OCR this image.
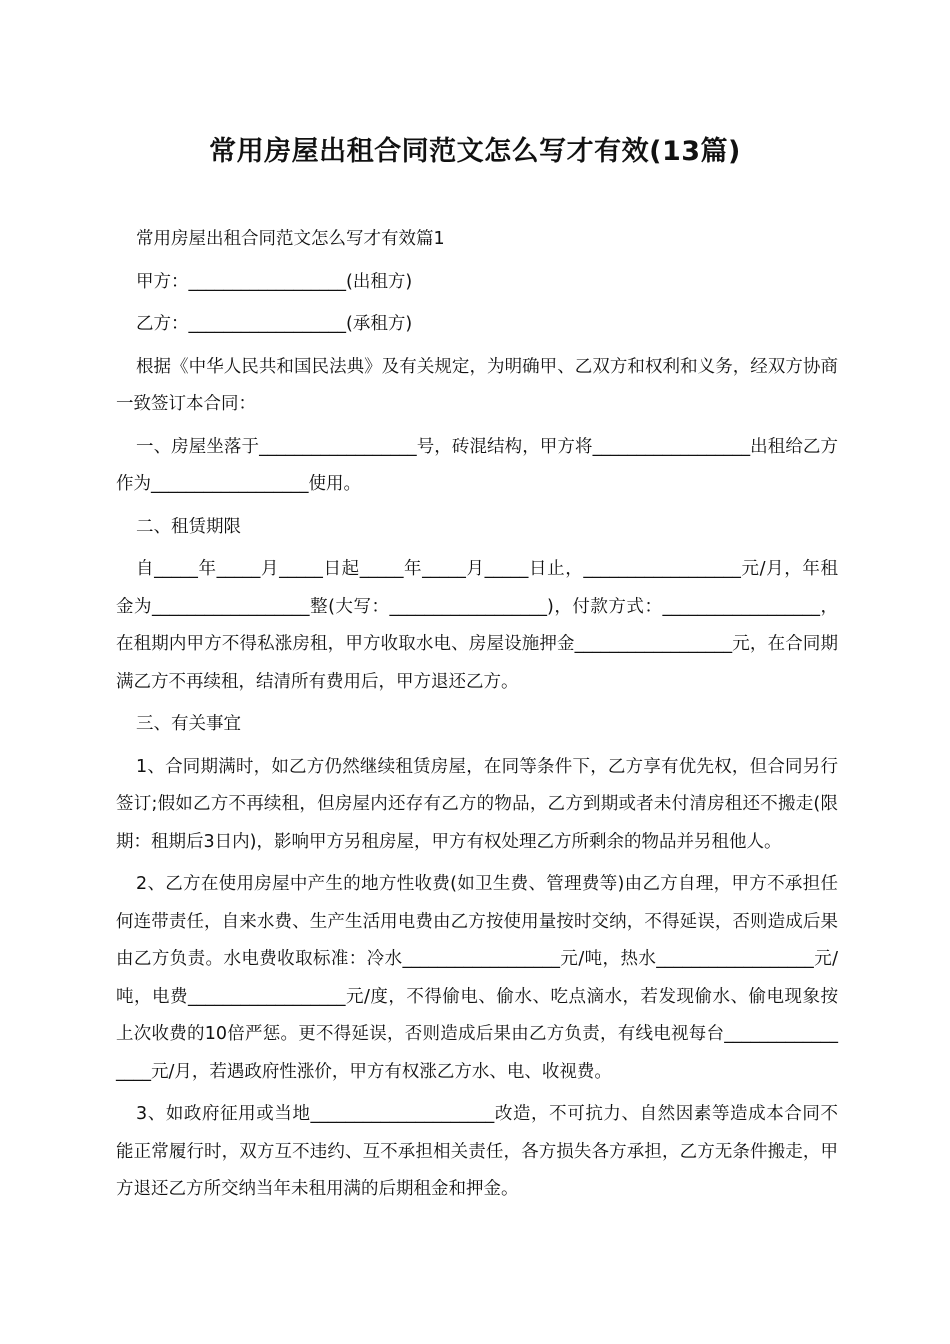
常用房屋出租合同范文怎么写才有效(13篇)

常用房屋出租合同范文怎么写才有效篇1

甲方：__________________(出租方)

乙方：__________________(承租方)

根据《中华人民共和国民法典》及有关规定，为明确甲、乙双方和权利和义务，经双方协商一致签订本合同：

一、房屋坐落于__________________号，砖混结构，甲方将__________________出租给乙方作为__________________使用。

二、租赁期限

自_____年_____月_____日起_____年_____月_____日止，__________________元/月，年租金为__________________整(大写：__________________)，付款方式：__________________，在租期内甲方不得私涨房租，甲方收取水电、房屋设施押金__________________元，在合同期满乙方不再续租，结清所有费用后，甲方退还乙方。

三、有关事宜

1、合同期满时，如乙方仍然继续租赁房屋，在同等条件下，乙方享有优先权，但合同另行签订;假如乙方不再续租，但房屋内还存有乙方的物品，乙方到期或者未付清房租还不搬走(限期：租期后3日内)，影响甲方另租房屋，甲方有权处理乙方所剩余的物品并另租他人。

2、乙方在使用房屋中产生的地方性收费(如卫生费、管理费等)由乙方自理，甲方不承担任何连带责任，自来水费、生产生活用电费由乙方按使用量按时交纳，不得延误，否则造成后果由乙方负责。水电费收取标准：冷水__________________元/吨，热水__________________元/吨，电费__________________元/度，不得偷电、偷水、吃点滴水，若发现偷水、偷电现象按上次收费的10倍严惩。更不得延误，否则造成后果由乙方负责，有线电视每台_________________元/月，若遇政府性涨价，甲方有权涨乙方水、电、收视费。

3、如政府征用或当地_____________________改造，不可抗力、自然因素等造成本合同不能正常履行时，双方互不违约、互不承担相关责任，各方损失各方承担，乙方无条件搬走，甲方退还乙方所交纳当年未租用满的后期租金和押金。
